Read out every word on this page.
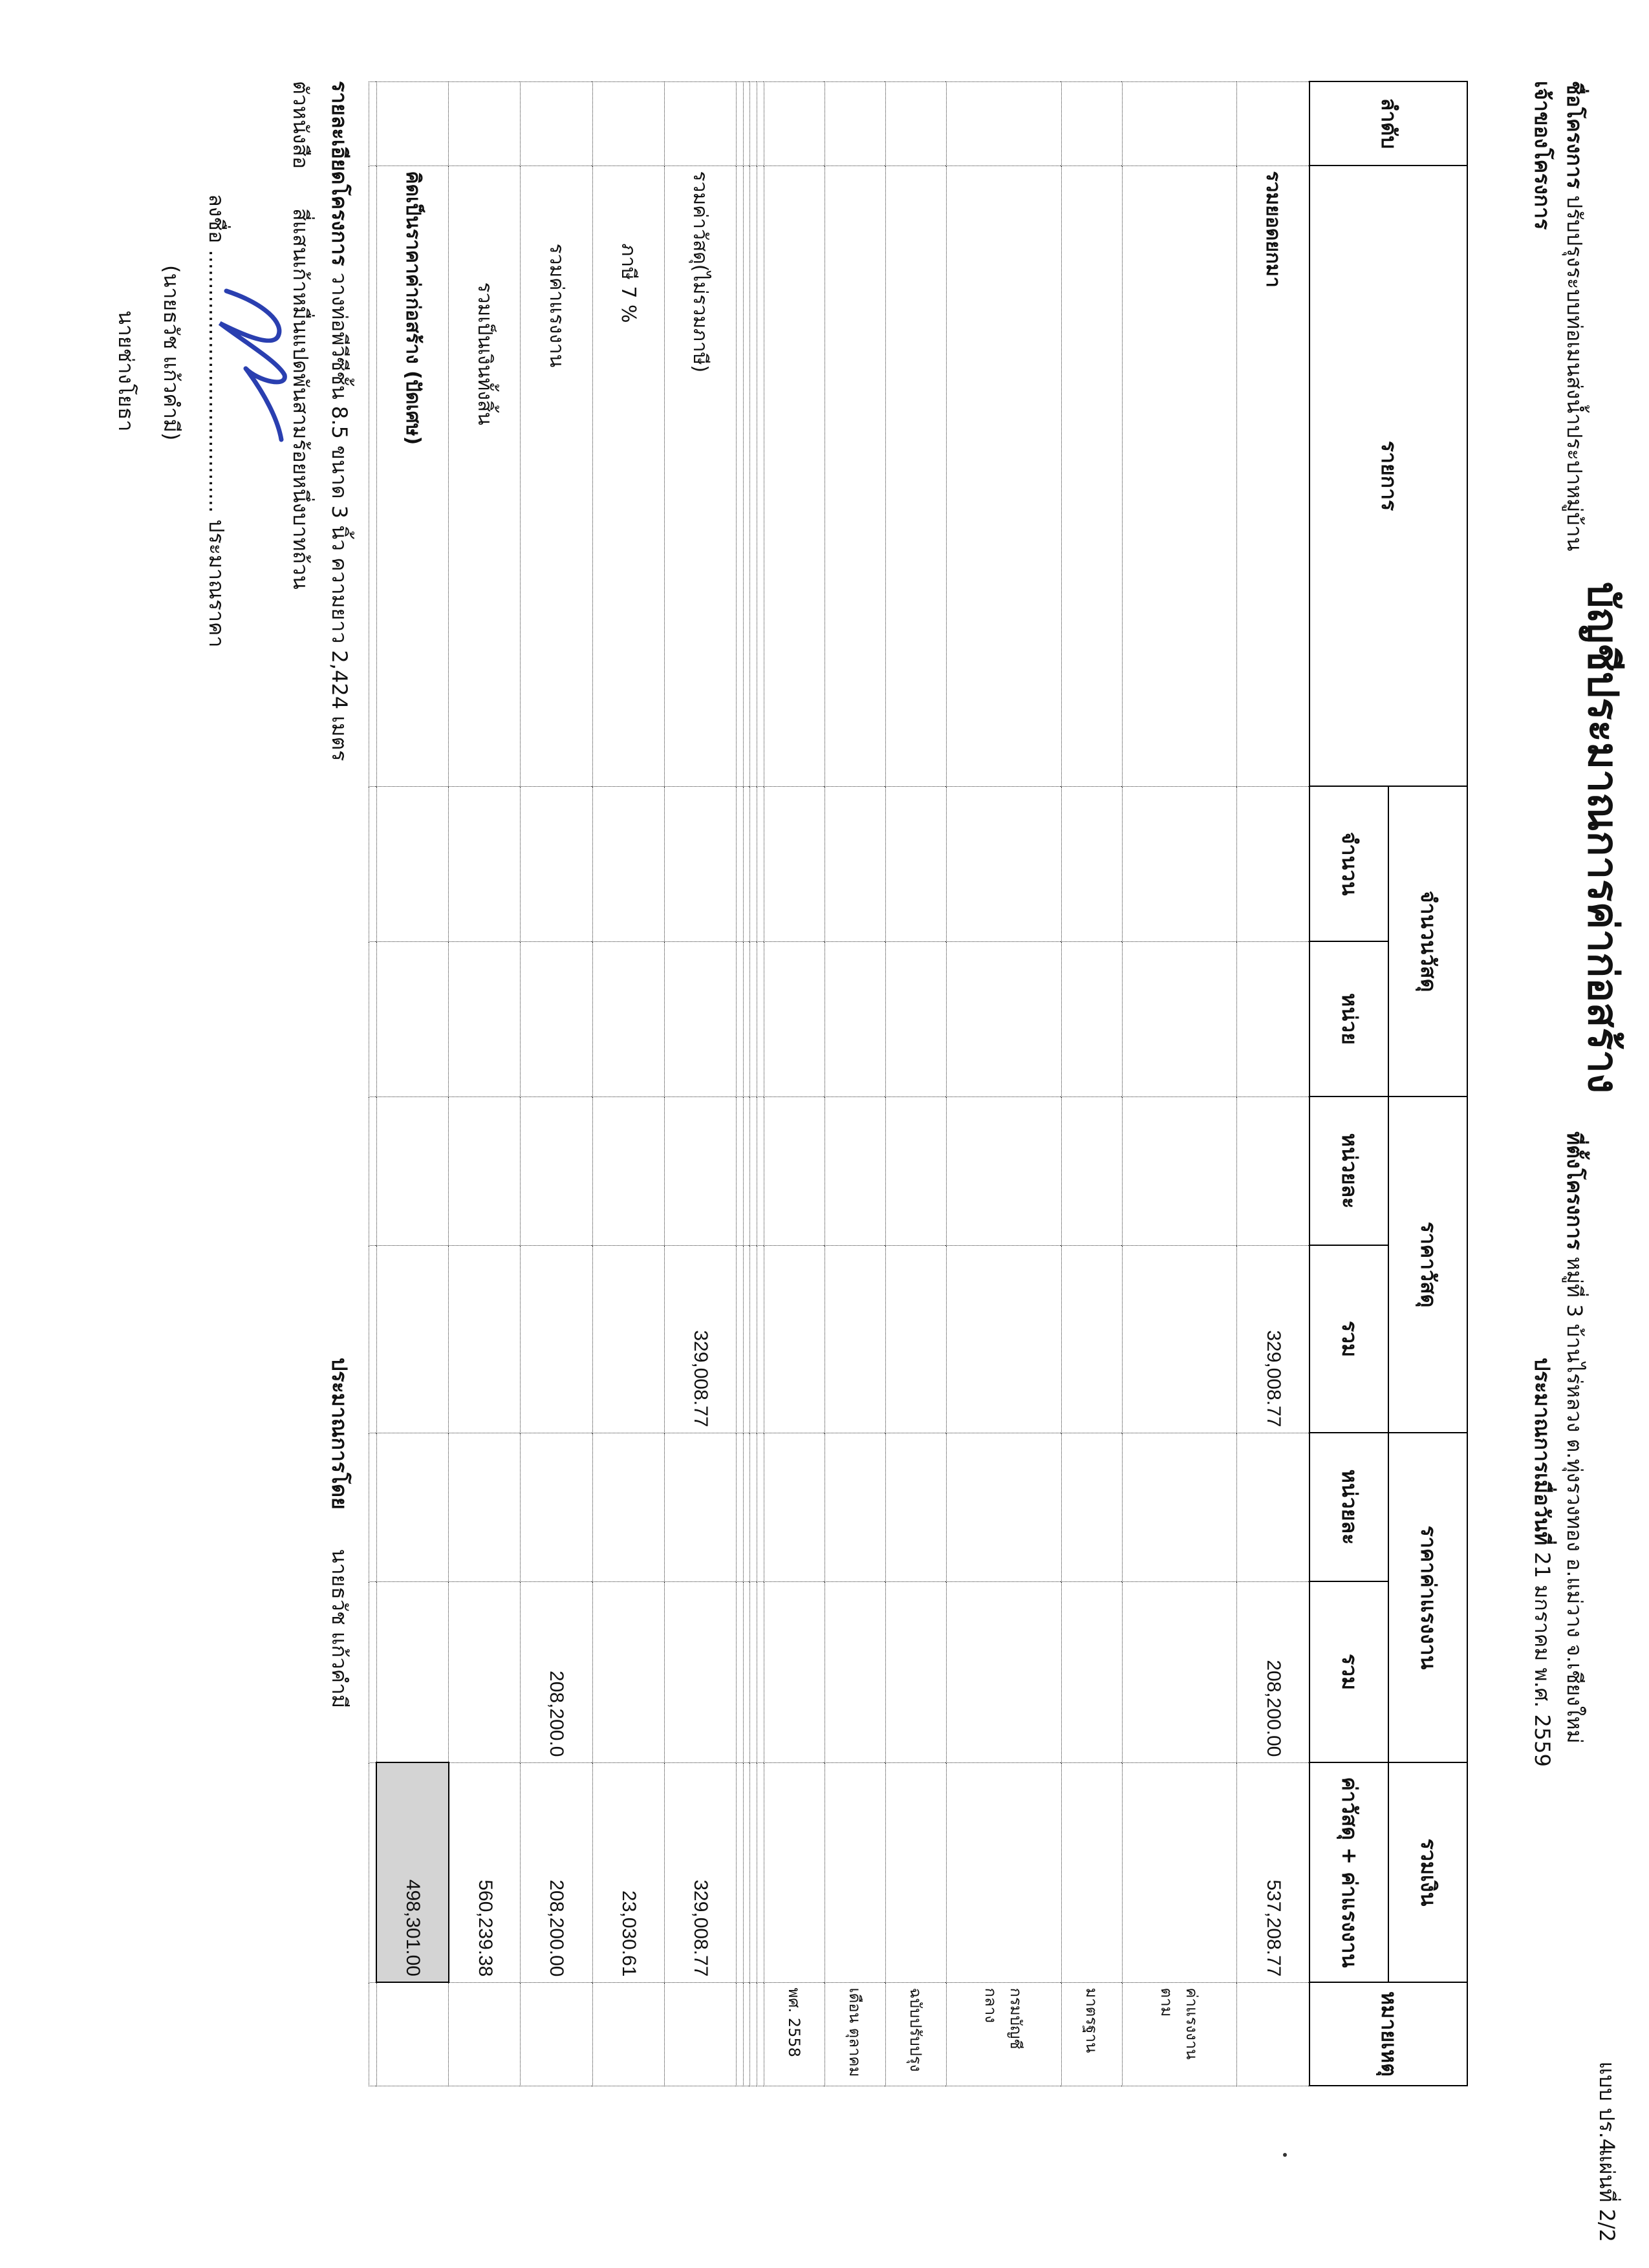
บัญชีประมาณการค่าก่อสร้าง
แบบ ปร.4
แผ่นที่ 2/2
ชื่อโครงการ ปรับปรุงระบบท่อเมนส่งน้ำประปาหมู่บ้าน
ที่ตั้งโครงการ หมู่ที่ 3 บ้านไร่หลวง ต.ทุ่งรวงทอง อ.แม่วาง จ.เชียงใหม่
เจ้าของโครงการ
ประมาณการเมื่อวันที่ 21 มกราคม พ.ศ. 2559
ลำดับ	รายการ	จำนวนวัสดุ		ราคาวัสดุ		ราคาค่าแรงงาน		รวมเงิน	หมายเหตุ
		จำนวน	หน่วย	หน่วยละ	รวม	หน่วยละ	รวม	ค่าวัสดุ + ค่าแรงงาน	
	รวมยอดยกมา				329,008.77		208,200.00	537,208.77	
									ค่าแรงงานตาม
									มาตรฐาน
									กรมบัญชีกลาง
									ฉบับปรับปรุง
									เดือน ตุลาคม
									พศ. 2558

	รวมค่าวัสดุ(ไม่รวมภาษี)				329,008.77			329,008.77	
	ภาษี 7 %							23,030.61	
	รวมค่าแรงงาน						208,200.0	208,200.00	
	รวมเป็นเงินทั้งสิ้น							560,239.38	
	คิดเป็นราคาค่าก่อสร้าง (ปัดเศษ)							498,301.00	

รายละเอียดโครงการ วางท่อพีวีซีชั้น 8.5 ขนาด 3 นิ้ว ความยาว 2,424 เมตร
ประมาณการโดย      นายธวัช แก้วคำมี
ตัวหนังสือ      สี่แสนเก้าหมื่นแปดพันสามร้อยหนึ่งบาทถ้วน
ลงชื่อ ........................................ ประมาณราคา
(นายธวัช แก้วคำมี)
นายช่างโยธา
